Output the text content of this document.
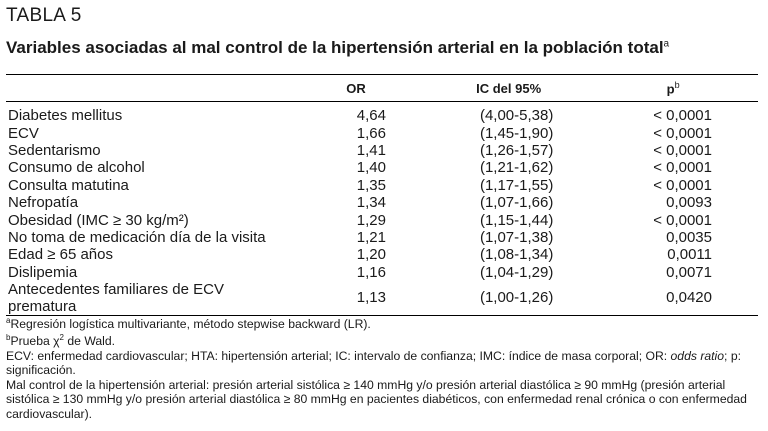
TABLA 5
Variables asociadas al mal control de la hipertensión arterial en la población total$^a$
	OR	IC del 95%	$p^b$
Diabetes mellitus	4,64	(4,00-5,38)	< 0,0001
ECV	1,66	(1,45-1,90)	< 0,0001
Sedentarismo	1,41	(1,26-1,57)	< 0,0001
Consumo de alcohol	1,40	(1,21-1,62)	< 0,0001
Consulta matutina	1,35	(1,17-1,55)	< 0,0001
Nefropatía	1,34	(1,07-1,66)	0,0093
Obesidad (IMC ≥ 30 kg/m²)	1,29	(1,15-1,44)	< 0,0001
No toma de medicación día de la visita	1,21	(1,07-1,38)	0,0035
Edad ≥ 65 años	1,20	(1,08-1,34)	0,0011
Dislipemia	1,16	(1,04-1,29)	0,0071
Antecedentes familiares de ECV prematura	1,13	(1,00-1,26)	0,0420

$^a$Regresión logística multivariante, método stepwise backward (LR).

$^b$Prueba $\chi^2$ de Wald.

ECV: enfermedad cardiovascular; HTA: hipertensión arterial; IC: intervalo de confianza; IMC: índice de masa corporal; OR: odds ratio; p: significación.

Mal control de la hipertensión arterial: presión arterial sistólica ≥ 140 mmHg y/o presión arterial diastólica ≥ 90 mmHg (presión arterial sistólica ≥ 130 mmHg y/o presión arterial diastólica ≥ 80 mmHg en pacientes diabéticos, con enfermedad renal crónica o con enfermedad cardiovascular).
